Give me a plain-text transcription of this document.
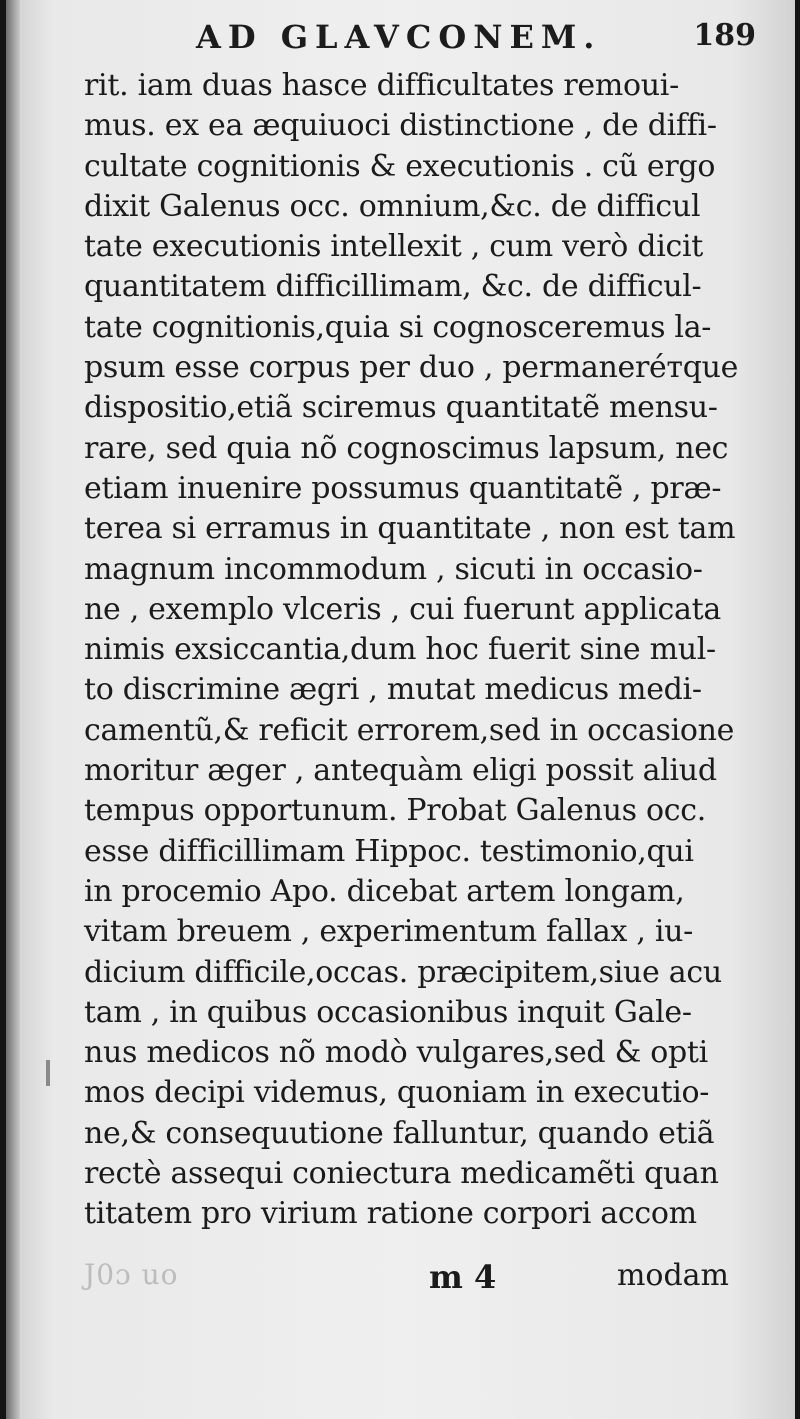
AD GLAVCONEM.	189
rit. iam duas hasce difficultates remoui-
mus. ex ea æquiuoci distinctione , de diffi-
cultate cognitionis & executionis . cũ ergo
dixit Galenus occ. omnium,&c. de difficul
tate executionis intellexit , cum verò dicit
quantitatem difficillimam, &c. de difficul-
tate cognitionis,quia si cognosceremus la-
psum esse corpus per duo , permaneréтque
dispositio,etiã sciremus quantitatẽ mensu-
rare, sed quia nõ cognoscimus lapsum, nec
etiam inuenire possumus quantitatẽ , præ-
terea si erramus in quantitate , non est tam
magnum incommodum , sicuti in occasio-
ne , exemplo vlceris , cui fuerunt applicata
nimis exsiccantia,dum hoc fuerit sine mul-
to discrimine ægri , mutat medicus medi-
camentũ,& reficit errorem,sed in occasione
moritur æger , antequàm eligi possit aliud
tempus opportunum. Probat Galenus occ.
esse difficillimam Hippoc. testimonio,qui
in procemio Apo. dicebat artem longam,
vitam breuem , experimentum fallax , iu-
dicium difficile,occas. præcipitem,siue acu
tam , in quibus occasionibus inquit Gale-
nus medicos nõ modò vulgares,sed & opti
mos decipi videmus, quoniam in executio-
ne,& consequutione falluntur, quando etiã
rectè assequi coniectura medicamẽti quan
titatem pro virium ratione corpori accom
J0ɔ uo	m 4	modam
